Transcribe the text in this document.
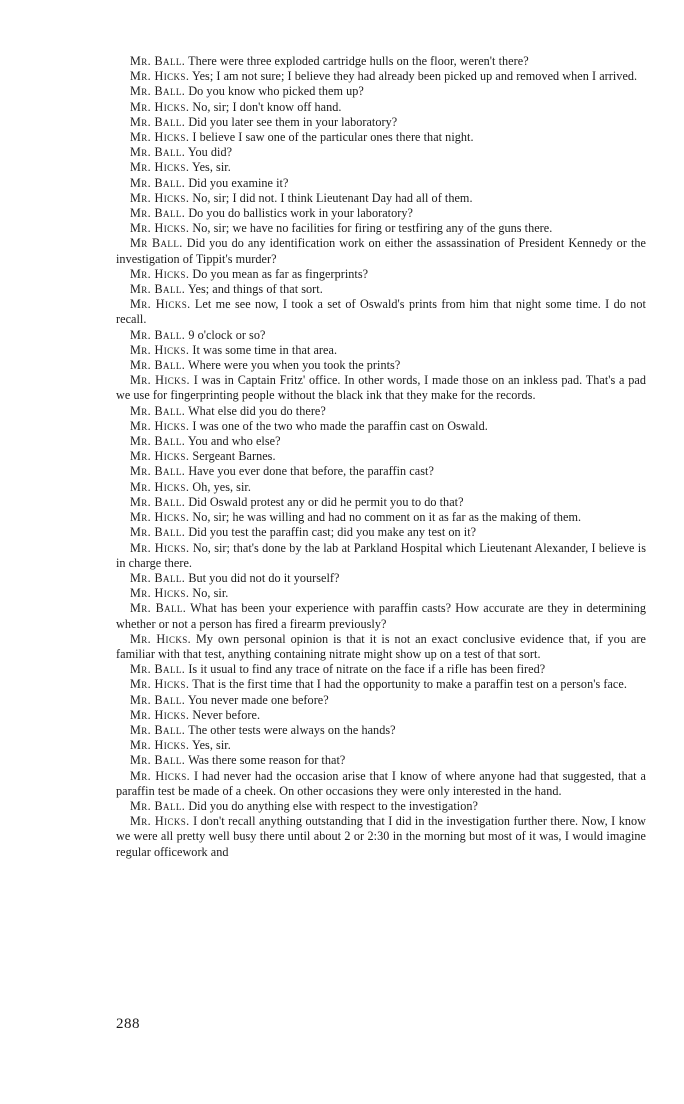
Mr. Ball. There were three exploded cartridge hulls on the floor, weren't there?

Mr. Hicks. Yes; I am not sure; I believe they had already been picked up and removed when I arrived.

Mr. Ball. Do you know who picked them up?

Mr. Hicks. No, sir; I don't know off hand.

Mr. Ball. Did you later see them in your laboratory?

Mr. Hicks. I believe I saw one of the particular ones there that night.

Mr. Ball. You did?

Mr. Hicks. Yes, sir.

Mr. Ball. Did you examine it?

Mr. Hicks. No, sir; I did not. I think Lieutenant Day had all of them.

Mr. Ball. Do you do ballistics work in your laboratory?

Mr. Hicks. No, sir; we have no facilities for firing or testfiring any of the guns there.

Mr Ball. Did you do any identification work on either the assassination of President Kennedy or the investigation of Tippit's murder?

Mr. Hicks. Do you mean as far as fingerprints?

Mr. Ball. Yes; and things of that sort.

Mr. Hicks. Let me see now, I took a set of Oswald's prints from him that night some time. I do not recall.

Mr. Ball. 9 o'clock or so?

Mr. Hicks. It was some time in that area.

Mr. Ball. Where were you when you took the prints?

Mr. Hicks. I was in Captain Fritz' office. In other words, I made those on an inkless pad. That's a pad we use for fingerprinting people without the black ink that they make for the records.

Mr. Ball. What else did you do there?

Mr. Hicks. I was one of the two who made the paraffin cast on Oswald.

Mr. Ball. You and who else?

Mr. Hicks. Sergeant Barnes.

Mr. Ball. Have you ever done that before, the paraffin cast?

Mr. Hicks. Oh, yes, sir.

Mr. Ball. Did Oswald protest any or did he permit you to do that?

Mr. Hicks. No, sir; he was willing and had no comment on it as far as the making of them.

Mr. Ball. Did you test the paraffin cast; did you make any test on it?

Mr. Hicks. No, sir; that's done by the lab at Parkland Hospital which Lieutenant Alexander, I believe is in charge there.

Mr. Ball. But you did not do it yourself?

Mr. Hicks. No, sir.

Mr. Ball. What has been your experience with paraffin casts? How accurate are they in determining whether or not a person has fired a firearm previously?

Mr. Hicks. My own personal opinion is that it is not an exact conclusive evidence that, if you are familiar with that test, anything containing nitrate might show up on a test of that sort.

Mr. Ball. Is it usual to find any trace of nitrate on the face if a rifle has been fired?

Mr. Hicks. That is the first time that I had the opportunity to make a paraffin test on a person's face.

Mr. Ball. You never made one before?

Mr. Hicks. Never before.

Mr. Ball. The other tests were always on the hands?

Mr. Hicks. Yes, sir.

Mr. Ball. Was there some reason for that?

Mr. Hicks. I had never had the occasion arise that I know of where anyone had that suggested, that a paraffin test be made of a cheek. On other occasions they were only interested in the hand.

Mr. Ball. Did you do anything else with respect to the investigation?

Mr. Hicks. I don't recall anything outstanding that I did in the investigation further there. Now, I know we were all pretty well busy there until about 2 or 2:30 in the morning but most of it was, I would imagine regular officework and

288
